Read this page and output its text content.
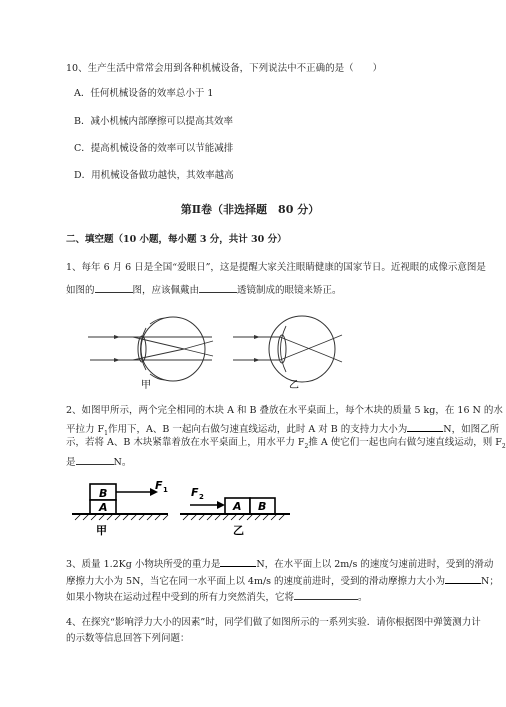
10、生产生活中常常会用到各种机械设备，下列说法中不正确的是（　　）
A．任何机械设备的效率总小于 1
B．减小机械内部摩擦可以提高其效率
C．提高机械设备的效率可以节能减排
D．用机械设备做功越快，其效率越高
第Ⅱ卷（非选择题　80 分）
二、填空题（10 小题，每小题 3 分，共计 30 分）
1、每年 6 月 6 日是全国“爱眼日”，这是提醒大家关注眼睛健康的国家节日。近视眼的成像示意图是
如图的	图，应该佩戴由	透镜制成的眼镜来矫正。
甲	乙
2、如图甲所示，两个完全相同的木块 A 和 B 叠放在水平桌面上，每个木块的质量 5 kg，在 16 N 的水
平拉力 $F_1$作用下，A、B 一起向右做匀速直线运动，此时 A 对 B 的支持力大小为	N，如图乙所
示，若将 A、B 木块紧靠着放在水平桌面上，用水平力 $F_2$推 A 使它们一起也向右做匀速直线运动，则 $F_2$
是	N。
B
A
F 1
甲
F 2
A B
乙
3、质量 1.2Kg 小物块所受的重力是	N，在水平面上以 2m/s 的速度匀速前进时，受到的滑动
摩擦力大小为 5N，当它在同一水平面上以 4m/s 的速度前进时，受到的滑动摩擦力大小为	N；
如果小物块在运动过程中受到的所有力突然消失，它将	。
4、在探究“影响浮力大小的因素”时，同学们做了如图所示的一系列实验．请你根据图中弹簧测力计
的示数等信息回答下列问题：
